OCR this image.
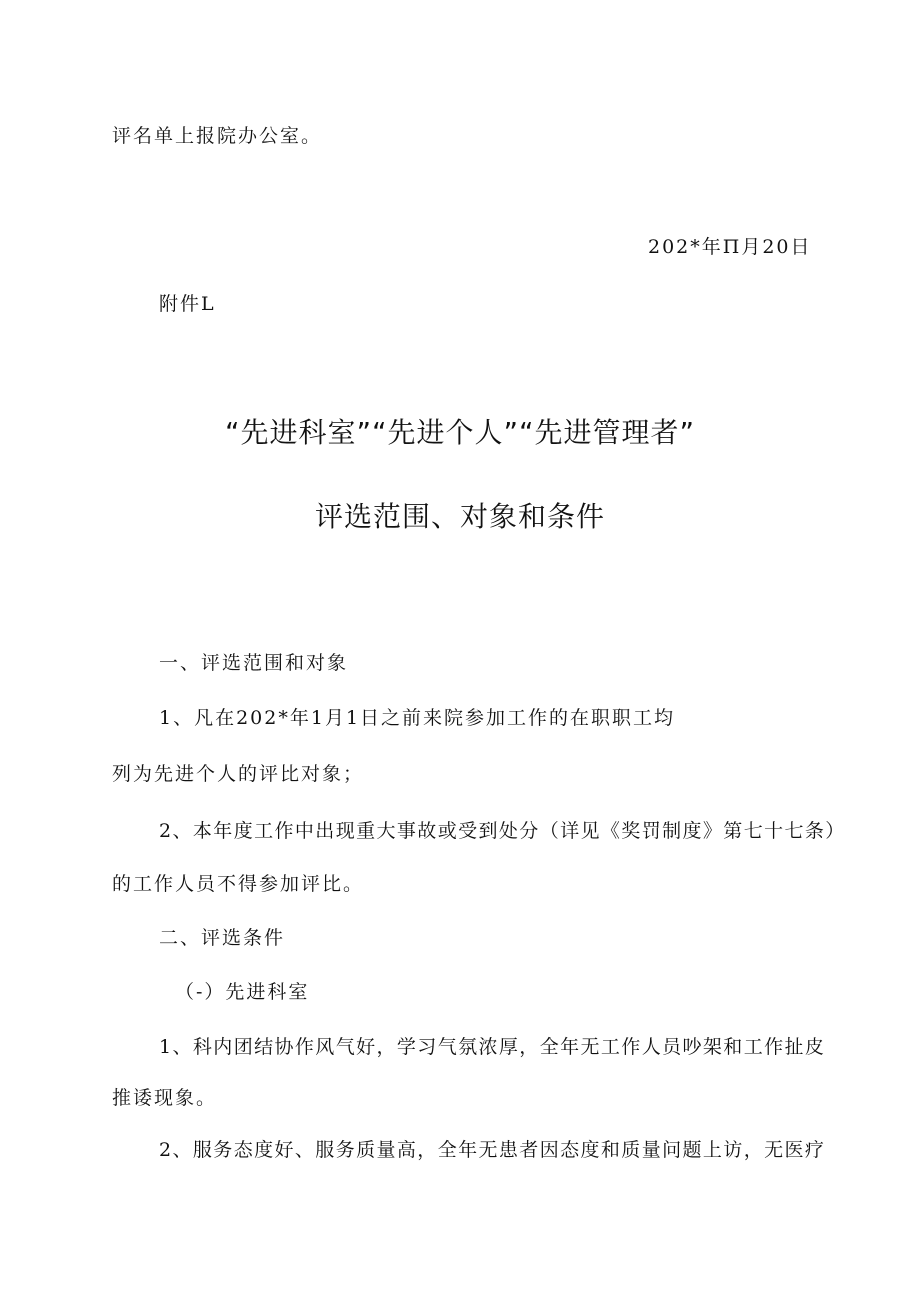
评名单上报院办公室。
202*年Π月20日
附件L
“先进科室”“先进个人”“先进管理者”
评选范围、对象和条件
一、评选范围和对象
1、凡在202*年1月1日之前来院参加工作的在职职工均
列为先进个人的评比对象；
2、本年度工作中出现重大事故或受到处分（详见《奖罚制度》第七十七条）
的工作人员不得参加评比。
二、评选条件
（-）先进科室
1、科内团结协作风气好，学习气氛浓厚，全年无工作人员吵架和工作扯皮
推诿现象。
2、服务态度好、服务质量高，全年无患者因态度和质量问题上访，无医疗
